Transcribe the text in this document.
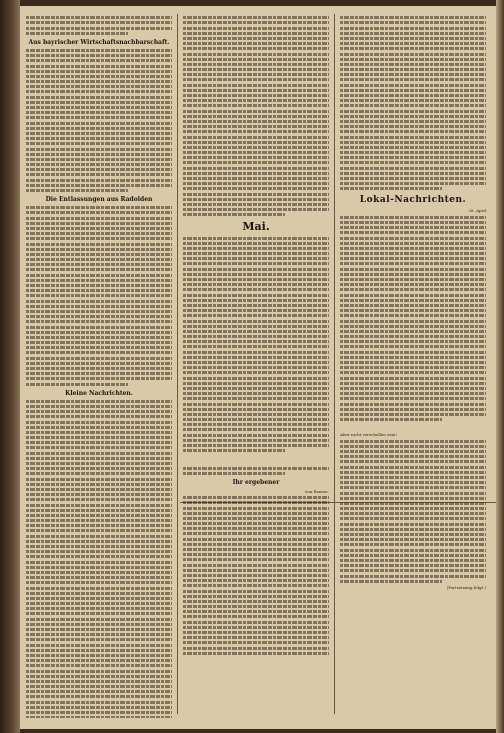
Aus bayrischer Wirtschaftsnachbarschaft.
Die Entlassungen aus Radolden
Kleine Nachrichten.
Mai.
Ihr ergebener
von Ramon.
Lokal-Nachrichten.
28. April
Aber nicht verschollen sein!
(Fortsetzung folgt.)
